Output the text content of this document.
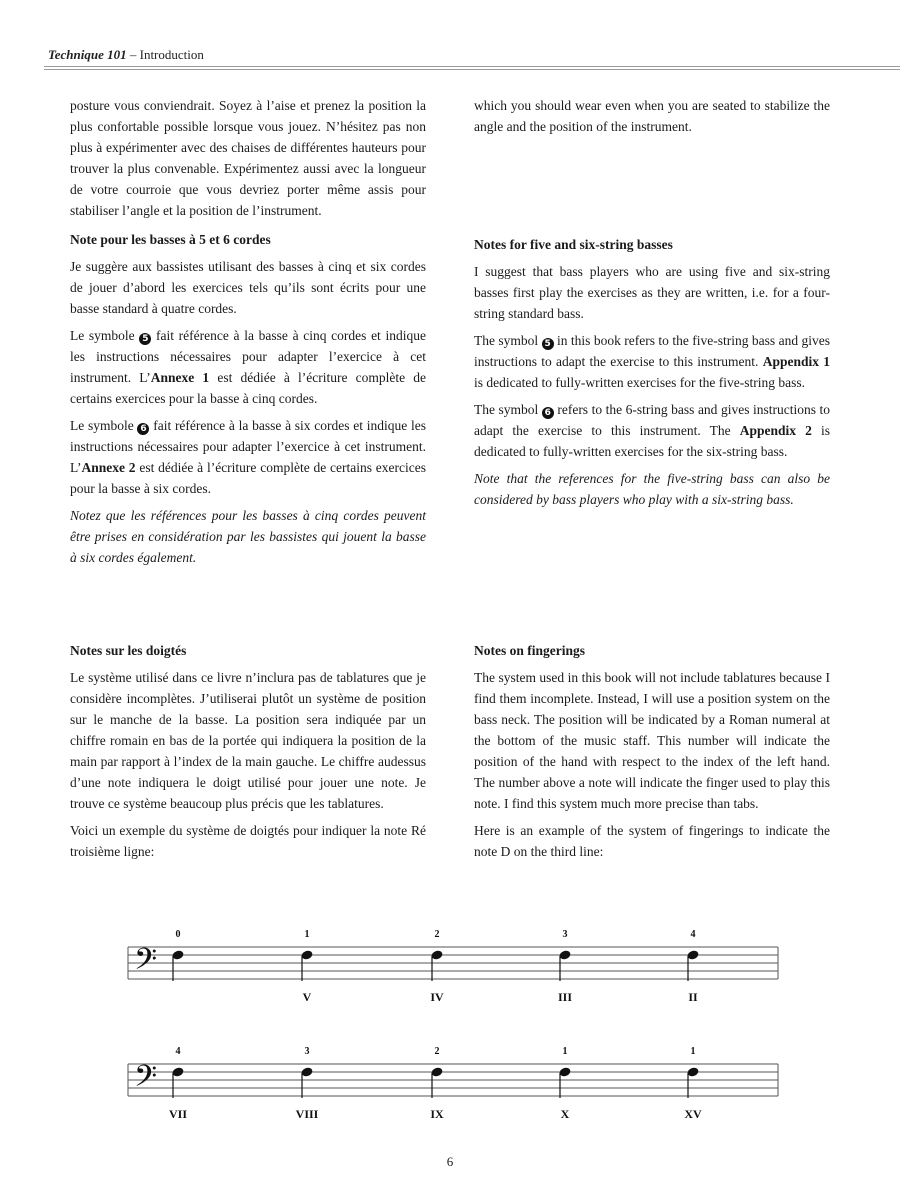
Technique 101 – Introduction

posture vous conviendrait. Soyez à l’aise et prenez la position la plus confortable possible lorsque vous jouez. N’hésitez pas non plus à expérimenter avec des chaises de différentes hauteurs pour trouver la plus convenable. Expérimentez aussi avec la longueur de votre courroie que vous devriez porter même assis pour stabiliser l’angle et la position de l’instrument.

Note pour les basses à 5 et 6 cordes

Je suggère aux bassistes utilisant des basses à cinq et six cordes de jouer d’abord les exercices tels qu’ils sont écrits pour une basse standard à quatre cordes.

Le symbole 5 fait référence à la basse à cinq cordes et indique les instructions nécessaires pour adapter l’exercice à cet instrument. L’Annexe 1 est dédiée à l’écriture complète de certains exercices pour la basse à cinq cordes.

Le symbole 6 fait référence à la basse à six cordes et indique les instructions nécessaires pour adapter l’exercice à cet instrument. L’Annexe 2 est dédiée à l’écriture complète de certains exercices pour la basse à six cordes.

Notez que les références pour les basses à cinq cordes peuvent être prises en considération par les bassistes qui jouent la basse à six cordes également.

which you should wear even when you are seated to stabilize the angle and the position of the instrument.

Notes for five and six-string basses

I suggest that bass players who are using five and six-string basses first play the exercises as they are written, i.e. for a four-string standard bass.

The symbol 5 in this book refers to the five-string bass and gives instructions to adapt the exercise to this instrument. Appendix 1 is dedicated to fully-written exercises for the five-string bass.

The symbol 6 refers to the 6-string bass and gives instructions to adapt the exercise to this instrument. The Appendix 2 is dedicated to fully-written exercises for the six-string bass.

Note that the references for the five-string bass can also be considered by bass players who play with a six-string bass.

Notes sur les doigtés

Le système utilisé dans ce livre n’inclura pas de tablatures que je considère incomplètes. J’utiliserai plutôt un système de position sur le manche de la basse. La position sera indiquée par un chiffre romain en bas de la portée qui indiquera la position de la main par rapport à l’index de la main gauche. Le chiffre audessus d’une note indiquera le doigt utilisé pour jouer une note. Je trouve ce système beaucoup plus précis que les tablatures.

Voici un exemple du système de doigtés pour indiquer la note Ré troisième ligne:

Notes on fingerings

The system used in this book will not include tablatures because I find them incomplete. Instead, I will use a position system on the bass neck. The position will be indicated by a Roman numeral at the bottom of the music staff. This number will indicate the position of the hand with respect to the index of the left hand. The number above a note will indicate the finger used to play this note. I find this system much more precise than tabs.

Here is an example of the system of fingerings to indicate the note D on the third line:

𝄢
0	1
V
2
IV
3
III
4
II
𝄢
4
VII
3
VIII
2
IX
1
X
1
XV
6
